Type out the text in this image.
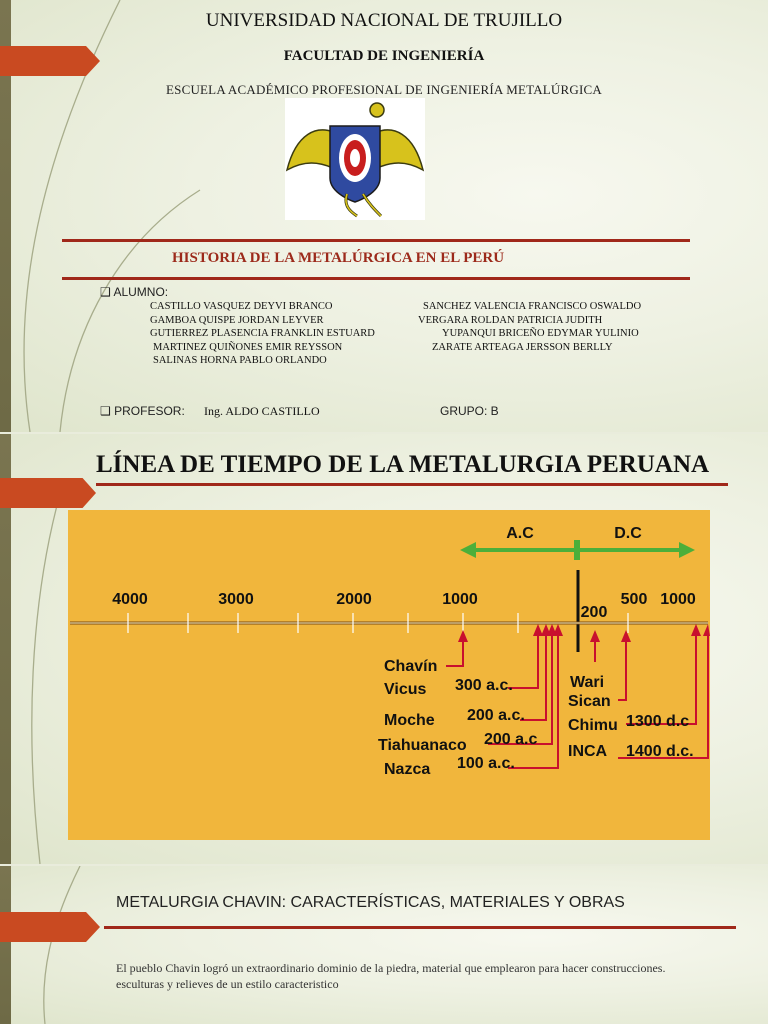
UNIVERSIDAD NACIONAL DE TRUJILLO

FACULTAD DE INGENIERÍA

ESCUELA ACADÉMICO PROFESIONAL DE INGENIERÍA METALÚRGICA

HISTORIA DE LA METALÚRGICA EN EL PERÚ

❑ ALUMNO:

CASTILLO VASQUEZ DEYVI BRANCO
GAMBOA QUISPE JORDAN LEYVER
GUTIERREZ PLASENCIA FRANKLIN ESTUARD
MARTINEZ QUIÑONES EMIR REYSSON
SALINAS HORNA PABLO ORLANDO
SANCHEZ VALENCIA FRANCISCO OSWALDO
VERGARA ROLDAN PATRICIA JUDITH
YUPANQUI BRICEÑO EDYMAR YULINIO
ZARATE ARTEAGA JERSSON BERLLY

❑ PROFESOR: Ing. ALDO CASTILLO	GRUPO: B

LÍNEA DE TIEMPO DE LA METALURGIA PERUANA

A.C	D.C
4000	3000	2000	1000
200
500 1000
Chavín
Vicus
Moche
Tiahuanaco
Nazca
300 a.c.
200 a.c.
200 a.c
100 a.c.
Wari
Sican
Chimu
INCA
1300 d.c
1400 d.c.

METALURGIA CHAVIN: CARACTERÍSTICAS, MATERIALES Y OBRAS

El pueblo Chavin logró un extraordinario dominio de la piedra, material que emplearon para hacer construcciones. esculturas y relieves de un estilo caracteristico
